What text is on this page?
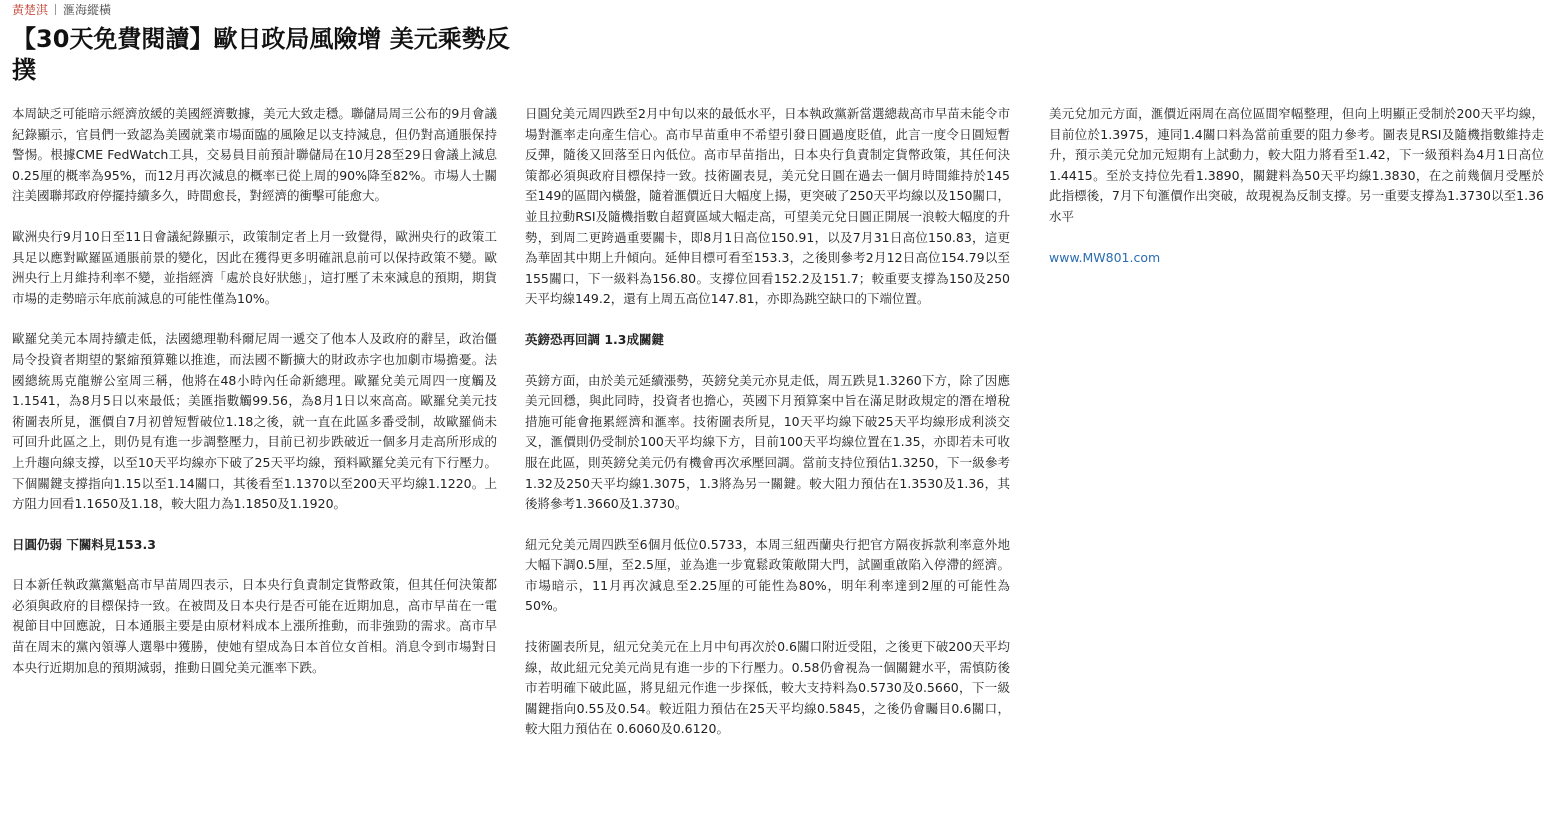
黃楚淇 滙海縱橫
【30天免費閱讀】歐日政局風險增 美元乘勢反撲

本周缺乏可能暗示經濟放緩的美國經濟數據，美元大致走穩。聯儲局周三公布的9月會議紀錄顯示，官員們一致認為美國就業市場面臨的風險足以支持減息，但仍對高通脹保持警惕。根據CME FedWatch工具，交易員目前預計聯儲局在10月28至29日會議上減息0.25厘的概率為95%，而12月再次減息的概率已從上周的90%降至82%。市場人士關注美國聯邦政府停擺持續多久，時間愈長，對經濟的衝擊可能愈大。

歐洲央行9月10日至11日會議紀錄顯示，政策制定者上月一致覺得，歐洲央行的政策工具足以應對歐羅區通脹前景的變化，因此在獲得更多明確訊息前可以保持政策不變。歐洲央行上月維持利率不變，並指經濟「處於良好狀態」，這打壓了未來減息的預期，期貨市場的走勢暗示年底前減息的可能性僅為10%。

歐羅兌美元本周持續走低，法國總理勒科爾尼周一遞交了他本人及政府的辭呈，政治僵局令投資者期望的緊縮預算難以推進，而法國不斷擴大的財政赤字也加劇市場擔憂。法國總統馬克龍辦公室周三稱，他將在48小時內任命新總理。歐羅兌美元周四一度觸及1.1541，為8月5日以來最低；美匯指數觸99.56，為8月1日以來高高。歐羅兌美元技術圖表所見，滙價自7月初曾短暫破位1.18之後，就一直在此區多番受制，故歐羅倘未可回升此區之上，則仍見有進一步調整壓力，目前已初步跌破近一個多月走高所形成的上升趨向線支撐，以至10天平均線亦下破了25天平均線，預料歐羅兌美元有下行壓力。下個關鍵支撐指向1.15以至1.14關口，其後看至1.1370以至200天平均線1.1220。上方阻力回看1.1650及1.18，較大阻力為1.1850及1.1920。

日圓仍弱 下關料見153.3

日本新任執政黨黨魁高市早苗周四表示，日本央行負責制定貨幣政策，但其任何決策都必須與政府的目標保持一致。在被問及日本央行是否可能在近期加息，高市早苗在一電視節目中回應說，日本通脹主要是由原材料成本上漲所推動，而非強勁的需求。高市早苗在周末的黨內領導人選舉中獲勝，使她有望成為日本首位女首相。消息令到市場對日本央行近期加息的預期減弱，推動日圓兌美元滙率下跌。

日圓兌美元周四跌至2月中旬以來的最低水平，日本執政黨新當選總裁高市早苗未能令市場對滙率走向產生信心。高市早苗重申不希望引發日圓過度貶值，此言一度令日圓短暫反彈，隨後又回落至日內低位。高市早苗指出，日本央行負責制定貨幣政策，其任何決策都必須與政府目標保持一致。技術圖表見，美元兌日圓在過去一個月時間維持於145至149的區間內橫盤，隨着滙價近日大幅度上揚，更突破了250天平均線以及150關口，並且拉動RSI及隨機指數自超賣區域大幅走高，可望美元兌日圓正開展一浪較大幅度的升勢，到周二更跨過重要關卡，即8月1日高位150.91，以及7月31日高位150.83，這更為華固其中期上升傾向。延伸目標可看至153.3，之後則參考2月12日高位154.79以至155關口，下一級料為156.80。支撐位回看152.2及151.7；較重要支撐為150及250天平均線149.2，還有上周五高位147.81，亦即為跳空缺口的下端位置。

英鎊恐再回調 1.3成關鍵

英鎊方面，由於美元延續漲勢，英鎊兌美元亦見走低，周五跌見1.3260下方，除了因應美元回穩，與此同時，投資者也擔心，英國下月預算案中旨在滿足財政規定的潛在增稅措施可能會拖累經濟和滙率。技術圖表所見，10天平均線下破25天平均線形成利淡交叉，滙價則仍受制於100天平均線下方，目前100天平均線位置在1.35，亦即若未可收服在此區，則英鎊兌美元仍有機會再次承壓回調。當前支持位預估1.3250，下一級參考1.32及250天平均線1.3075，1.3將為另一關鍵。較大阻力預估在1.3530及1.36，其後將參考1.3660及1.3730。

紐元兌美元周四跌至6個月低位0.5733，本周三紐西蘭央行把官方隔夜拆款利率意外地大幅下調0.5厘，至2.5厘，並為進一步寬鬆政策敞開大門，試圖重啟陷入停滯的經濟。市場暗示，11月再次減息至2.25厘的可能性為80%，明年利率達到2厘的可能性為50%。

技術圖表所見，紐元兌美元在上月中旬再次於0.6關口附近受阻，之後更下破200天平均線，故此紐元兌美元尚見有進一步的下行壓力。0.58仍會視為一個關鍵水平，需慎防後市若明確下破此區，將見紐元作進一步探低，較大支持料為0.5730及0.5660，下一級關鍵指向0.55及0.54。較近阻力預估在25天平均線0.5845，之後仍會矚目0.6關口，較大阻力預估在 0.6060及0.6120。

美元兌加元方面，滙價近兩周在高位區間窄幅整理，但向上明顯正受制於200天平均線，目前位於1.3975，連同1.4關口料為當前重要的阻力參考。圖表見RSI及隨機指數維持走升，預示美元兌加元短期有上試動力，較大阻力將看至1.42，下一級預料為4月1日高位1.4415。至於支持位先看1.3890，關鍵料為50天平均線1.3830，在之前幾個月受壓於此指標後，7月下旬滙價作出突破，故現視為反制支撐。另一重要支撐為1.3730以至1.36水平

www.MW801.com
